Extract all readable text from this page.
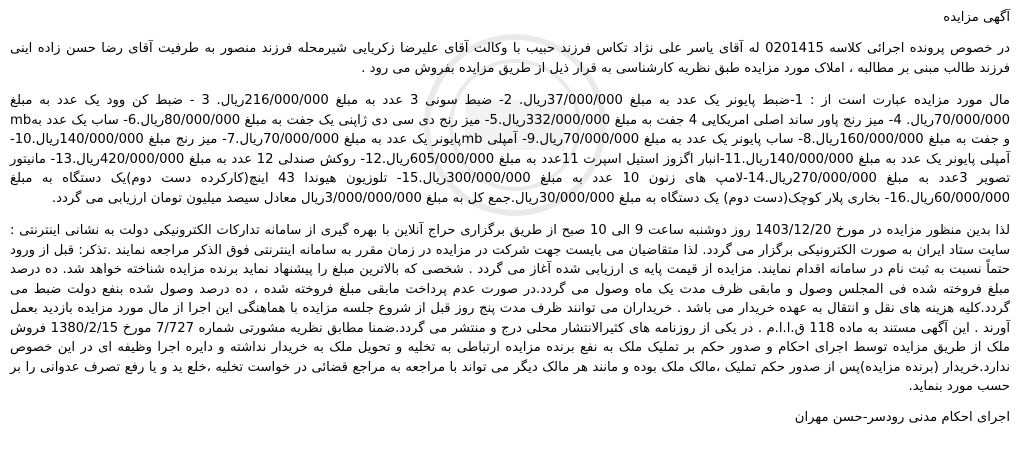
آگهی مزایده

در خصوص پرونده اجرائی کلاسه 0201415 له آقای یاسر علی نژاد تکاس فرزند حبیب با وکالت آقای علیرضا زکریایی شیرمحله فرزند منصور به طرفیت آقای رضا حسن زاده اینی فرزند طالب مبنی بر مطالبه ، املاک مورد مزایده طبق نظریه کارشناسی به قرار ذیل از طریق مزایده بفروش می رود .

مال مورد مزایده عبارت است از : 1-ضبط پایونر یک عدد به مبلغ 37/000/000ریال. 2- ضبط سونی 3 عدد به مبلغ 216/000/000ریال. 3 - ضبط کن وود یک عدد به مبلغ 70/000/000ریال. 4- میز رنج پاور ساند اصلی امریکایی 4 جفت به مبلغ 332/000/000ریال.5- میز رنج دی سی دی ژاپنی یک جفت به مبلغ 80/000/000ریال.6- ساب یک عدد بهmb و جفت به مبلغ 160/000/000ریال.8- ساب پایونر یک عدد به مبلغ 70/000/000ریال.9- آمپلی mbپایونر یک عدد به مبلغ 70/000/000ریال.7- میز رنج مبلغ 140/000/000ریال.10- آمپلی پایونر یک عدد به مبلغ 140/000/000ریال.11-انبار اگزوز استیل اسپرت 11عدد به مبلغ 605/000/000ریال.12- روکش صندلی 12 عدد به مبلغ 420/000/000ریال.13- مانیتور تصویر 3عدد به مبلغ 270/000/000ریال.14-لامپ های زنون 10 عدد به مبلغ 300/000/000ریال.15- تلوزیون هیوندا 43 اینچ(کارکرده دست دوم)یک دستگاه به مبلغ 60/000/000ریال.16- بخاری پلار کوچک(دست دوم) یک دستگاه به مبلغ 30/000/000ریال.جمع کل به مبلغ 3/000/000/000ریال معادل سیصد میلیون تومان ارزیابی می گردد.

لذا بدین منظور مزایده در مورخ 1403/12/20 روز دوشنبه ساعت 9 الی 10 صبح از طریق برگزاری حراج آنلاین با بهره گیری از سامانه تدارکات الکترونیکی دولت به نشانی اینترنتی : سایت ستاد ایران به صورت الکترونیکی برگزار می گردد. لذا متقاضیان می بایست جهت شرکت در مزایده در زمان مقرر به سامانه اینترنتی فوق الذکر مراجعه نمایند .تذکر: قبل از ورود حتماً نسبت به ثبت نام در سامانه اقدام نمایند. مزایده از قیمت پایه ی ارزیابی شده آغاز می گردد . شخصی که بالاترین مبلغ را پیشنهاد نماید برنده مزایده شناخته خواهد شد. ده درصد مبلغ فروخته شده فی المجلس وصول و مابقی ظرف مدت یک ماه وصول می گردد.در صورت عدم پرداخت مابقی مبلغ فروخته شده ، ده درصد وصول شده بنفع دولت ضبط می گردد.کلیه هزینه های نقل و انتقال به عهده خریدار می باشد . خریداران می توانند ظرف مدت پنج روز قبل از شروع جلسه مزایده با هماهنگی این اجرا از مال مورد مزایده بازدید بعمل آورند . این آگهی مستند به ماده 118 ق.ا.ا.م . در یکی از روزنامه های کثیرالانتشار محلی درج و منتشر می گردد.ضمنا مطابق نظریه مشورتی شماره 7/727 مورخ 1380/2/15 فروش ملک از طریق مزایده توسط اجرای احکام و صدور حکم بر تملیک ملک به نفع برنده مزایده ارتباطی به تخلیه و تحویل ملک به خریدار نداشته و دایره اجرا وظیفه ای در این خصوص ندارد.خریدار (برنده مزایده)پس از صدور حکم تملیک ،مالک ملک بوده و مانند هر مالک دیگر می تواند با مراجعه به مراجع قضائی در خواست تخلیه ،خلع ید و یا رفع تصرف عدوانی را بر حسب مورد بنماید.

اجرای احکام مدنی رودسر-حسن مهران
